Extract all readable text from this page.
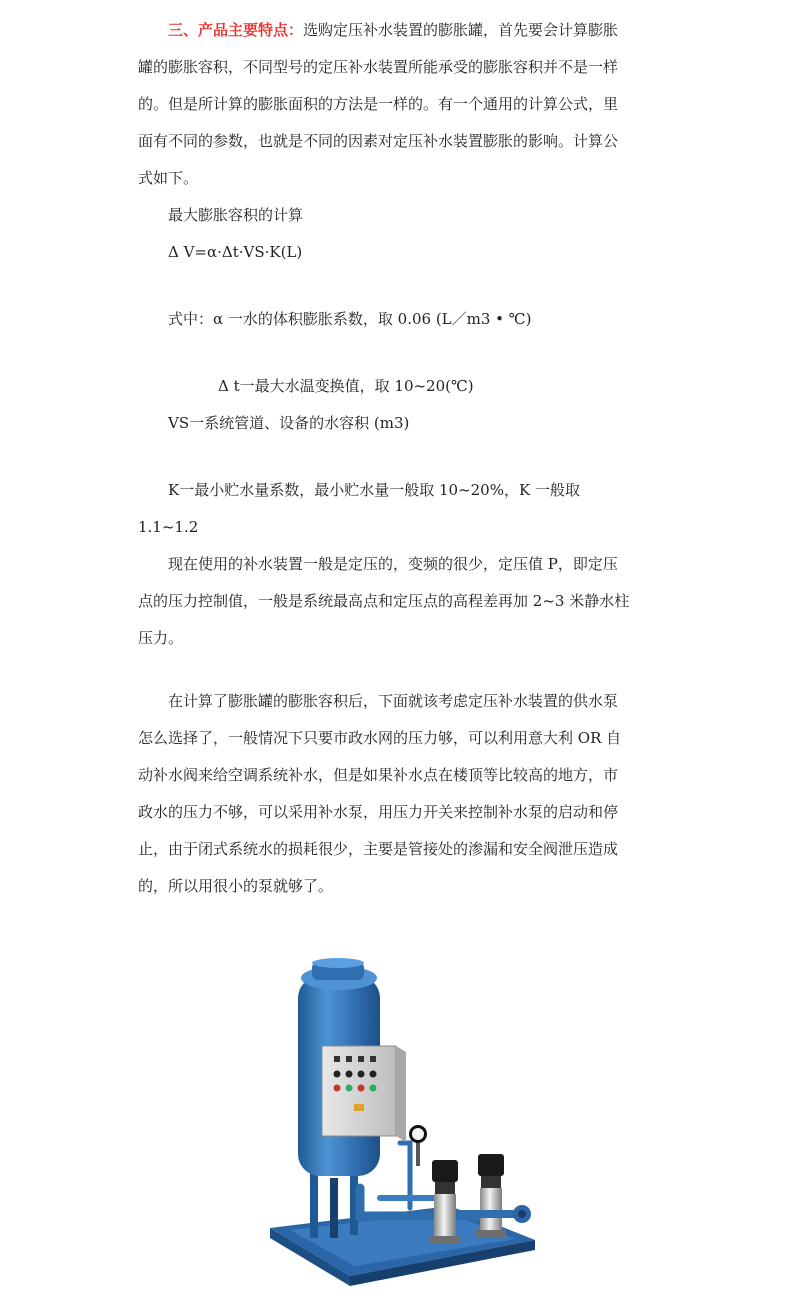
三、产品主要特点：选购定压补水装置的膨胀罐，首先要会计算膨胀罐的膨胀容积，不同型号的定压补水装置所能承受的膨胀容积并不是一样的。但是所计算的膨胀面积的方法是一样的。有一个通用的计算公式，里面有不同的参数，也就是不同的因素对定压补水装置膨胀的影响。计算公式如下。

最大膨胀容积的计算

Δ V=α·Δt·VS·K(L)

式中：α 一水的体积膨胀系数，取 0.06 (L／m3 • ℃)

Δ t一最大水温变换值，取 10~20(℃)

VS一系统管道、设备的水容积 (m3)

K一最小贮水量系数，最小贮水量一般取 10~20%，K 一般取 1.1~1.2

现在使用的补水装置一般是定压的，变频的很少，定压值 P，即定压点的压力控制值，一般是系统最高点和定压点的高程差再加 2~3 米静水柱压力。

在计算了膨胀罐的膨胀容积后，下面就该考虑定压补水装置的供水泵怎么选择了，一般情况下只要市政水网的压力够，可以利用意大利 OR 自动补水阀来给空调系统补水，但是如果补水点在楼顶等比较高的地方，市政水的压力不够，可以采用补水泵，用压力开关来控制补水泵的启动和停止，由于闭式系统水的损耗很少，主要是管接处的渗漏和安全阀泄压造成的，所以用很小的泵就够了。
